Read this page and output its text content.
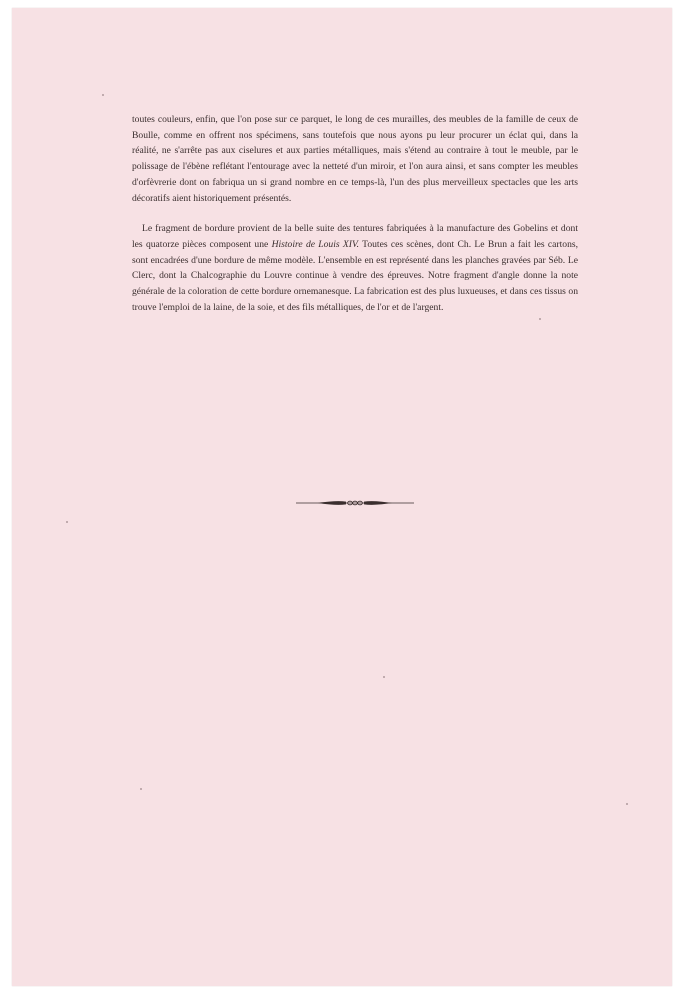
toutes couleurs, enfin, que l'on pose sur ce parquet, le long de ces murailles, des meubles de la famille de ceux de Boulle, comme en offrent nos spécimens, sans toutefois que nous ayons pu leur procurer un éclat qui, dans la réalité, ne s'arrête pas aux ciselures et aux parties métalliques, mais s'étend au contraire à tout le meuble, par le polissage de l'ébène reflétant l'entourage avec la netteté d'un miroir, et l'on aura ainsi, et sans compter les meubles d'orfèvrerie dont on fabriqua un si grand nombre en ce temps-là, l'un des plus merveilleux spectacles que les arts décoratifs aient historiquement présentés.

Le fragment de bordure provient de la belle suite des tentures fabriquées à la manufacture des Gobelins et dont les quatorze pièces composent une Histoire de Louis XIV. Toutes ces scènes, dont Ch. Le Brun a fait les cartons, sont encadrées d'une bordure de même modèle. L'ensemble en est représenté dans les planches gravées par Séb. Le Clerc, dont la Chalcographie du Louvre continue à vendre des épreuves. Notre fragment d'angle donne la note générale de la coloration de cette bordure ornemanesque. La fabrication est des plus luxueuses, et dans ces tissus on trouve l'emploi de la laine, de la soie, et des fils métalliques, de l'or et de l'argent.
